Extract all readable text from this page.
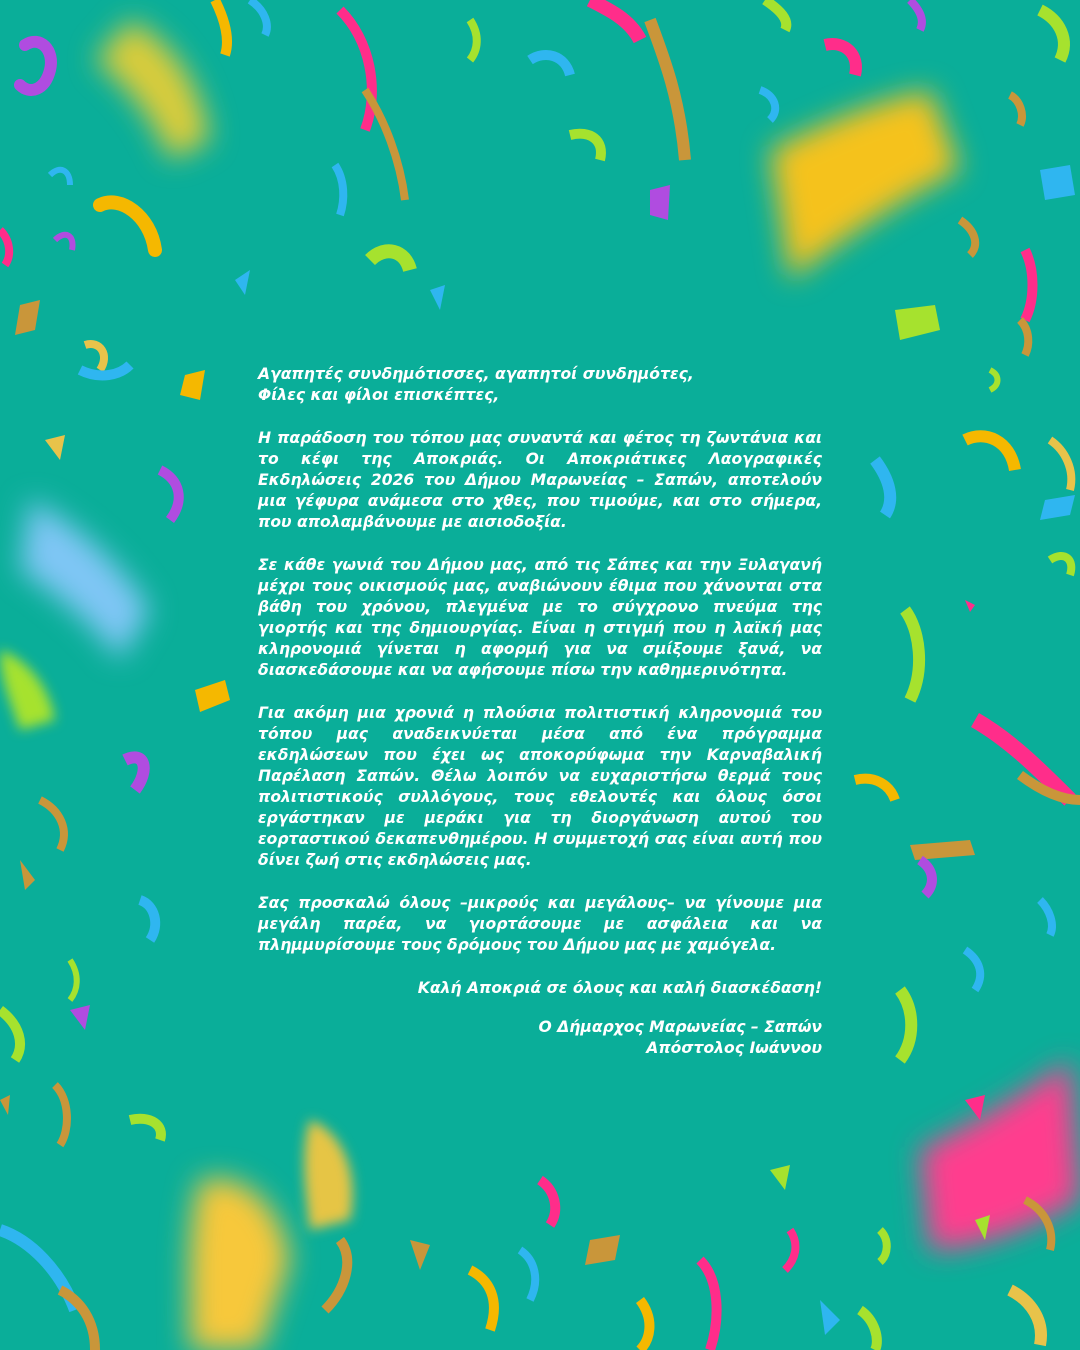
Αγαπητές συνδημότισσες, αγαπητοί συνδημότες,
Φίλες και φίλοι επισκέπτες,

Η παράδοση του τόπου μας συναντά και φέτος τη ζωντάνια και το κέφι της Αποκριάς. Οι Αποκριάτικες Λαογραφικές Εκδηλώσεις 2026 του Δήμου Μαρωνείας – Σαπών, αποτελούν μια γέφυρα ανάμεσα στο χθες, που τιμούμε, και στο σήμερα, που απολαμβάνουμε με αισιοδοξία.

Σε κάθε γωνιά του Δήμου μας, από τις Σάπες και την Ξυλαγανή μέχρι τους οικισμούς μας, αναβιώνουν έθιμα που χάνονται στα βάθη του χρόνου, πλεγμένα με το σύγχρονο πνεύμα της γιορτής και της δημιουργίας. Είναι η στιγμή που η λαϊκή μας κληρονομιά γίνεται η αφορμή για να σμίξουμε ξανά, να διασκεδάσουμε και να αφήσουμε πίσω την καθημερινότητα.

Για ακόμη μια χρονιά η πλούσια πολιτιστική κληρονομιά του τόπου μας αναδεικνύεται μέσα από ένα πρόγραμμα εκδηλώσεων που έχει ως αποκορύφωμα την Καρναβαλική Παρέλαση Σαπών. Θέλω λοιπόν να ευχαριστήσω θερμά τους πολιτιστικούς συλλόγους, τους εθελοντές και όλους όσοι εργάστηκαν με μεράκι για τη διοργάνωση αυτού του εορταστικού δεκαπενθημέρου. Η συμμετοχή σας είναι αυτή που δίνει ζωή στις εκδηλώσεις μας.

Σας προσκαλώ όλους –μικρούς και μεγάλους– να γίνουμε μια μεγάλη παρέα, να γιορτάσουμε με ασφάλεια και να πλημμυρίσουμε τους δρόμους του Δήμου μας με χαμόγελα.

Καλή Αποκριά σε όλους και καλή διασκέδαση!

Ο Δήμαρχος Μαρωνείας – Σαπών
Απόστολος Ιωάννου
